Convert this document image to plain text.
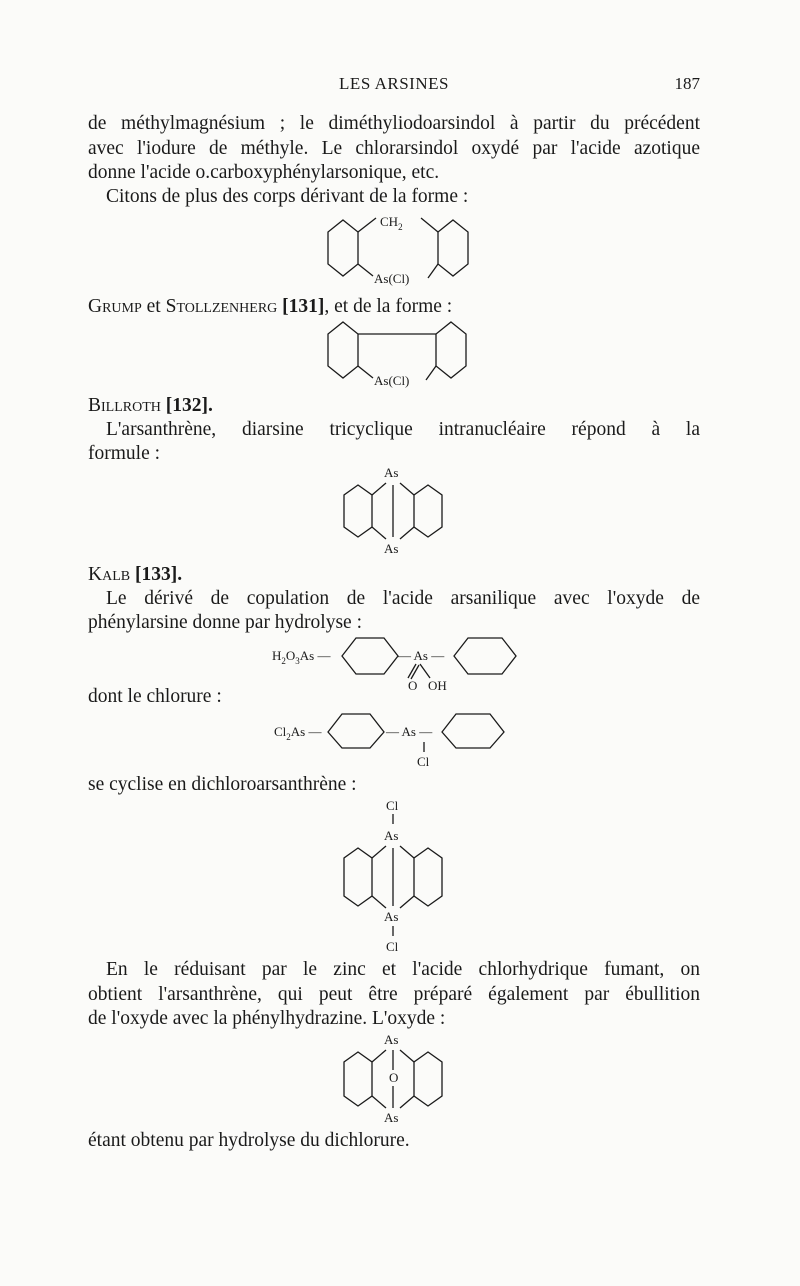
LES ARSINES	187

de méthylmagnésium ; le diméthyliodoarsindol à partir du précédent

avec l'iodure de méthyle. Le chlorarsindol oxydé par l'acide azotique

donne l'acide o.carboxyphénylarsonique, etc.

Citons de plus des corps dérivant de la forme :

$CH_2$
As(Cl)

Grump et Stollzenherg [131], et de la forme :

As(Cl)

Billroth [132].

L'arsanthrène, diarsine tricyclique intranucléaire répond à la

formule :

As
As

Kalb [133].

Le dérivé de copulation de l'acide arsanilique avec l'oxyde de

phénylarsine donne par hydrolyse :

$H_2O_3As$ —	— As —
O OH

dont le chlorure :

$Cl_2As$ —	— As —
Cl

se cyclise en dichloroarsanthrène :

Cl
As
As
Cl

En le réduisant par le zinc et l'acide chlorhydrique fumant, on

obtient l'arsanthrène, qui peut être préparé également par ébullition

de l'oxyde avec la phénylhydrazine. L'oxyde :

As
O
As

étant obtenu par hydrolyse du dichlorure.
